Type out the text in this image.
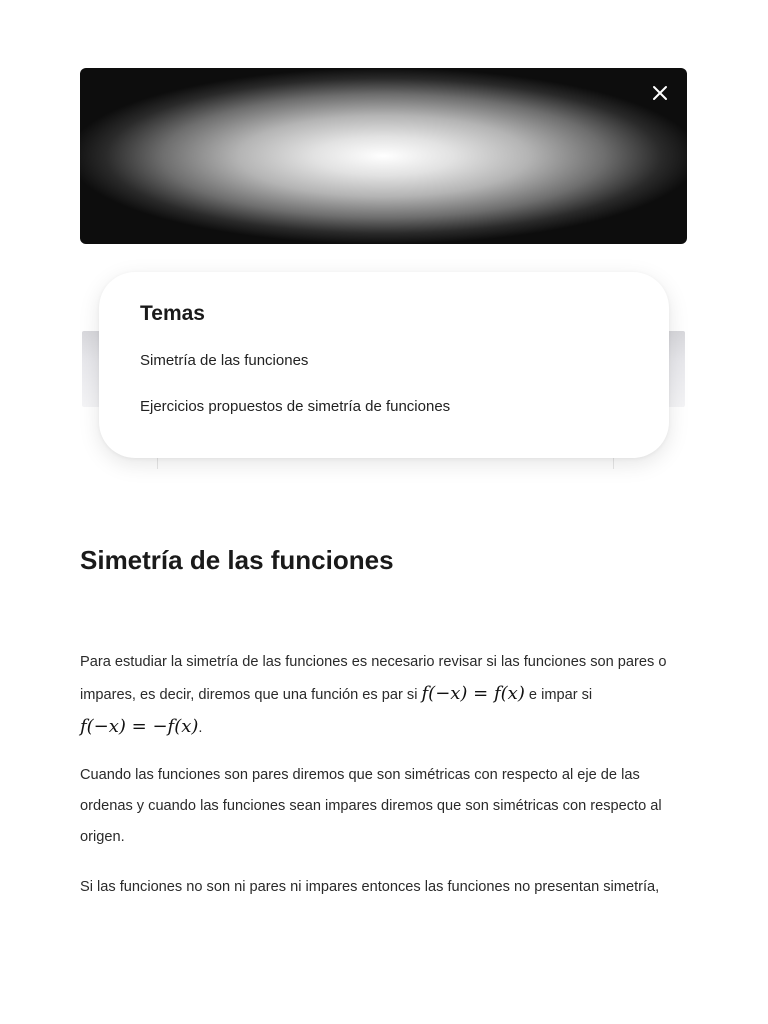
Temas
Simetría de las funciones
Ejercicios propuestos de simetría de funciones
Simetría de las funciones

Para estudiar la simetría de las funciones es necesario revisar si las funciones son pares o impares, es decir, diremos que una función es par si f(−x) = f(x) e impar si f(−x) = −f(x).

Cuando las funciones son pares diremos que son simétricas con respecto al eje de las ordenas y cuando las funciones sean impares diremos que son simétricas con respecto al origen.

Si las funciones no son ni pares ni impares entonces las funciones no presentan simetría,
